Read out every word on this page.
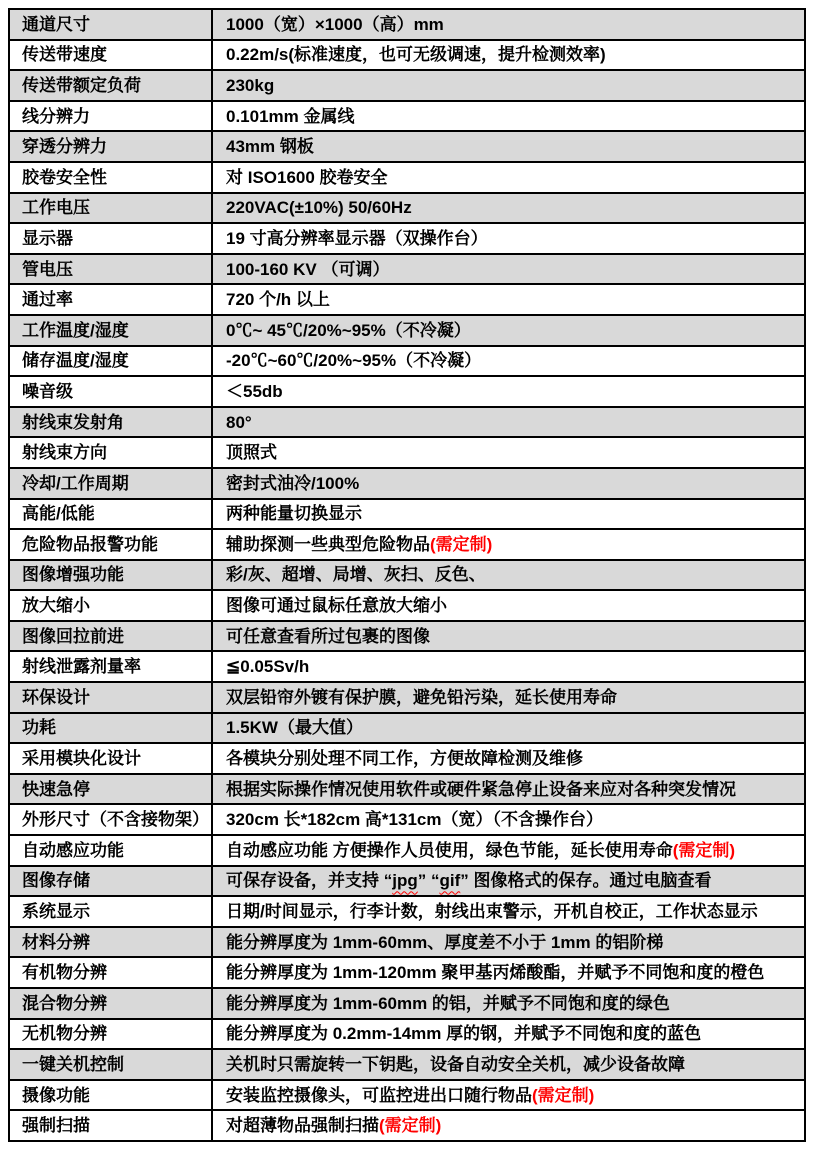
通道尺寸	1000（宽）×1000（高）mm
传送带速度	0.22m/s(标准速度，也可无级调速，提升检测效率)
传送带额定负荷	230kg
线分辨力	0.101mm 金属线
穿透分辨力	43mm 钢板
胶卷安全性	对 ISO1600 胶卷安全
工作电压	220VAC(±10%) 50/60Hz
显示器	19 寸高分辨率显示器（双操作台）
管电压	100-160 KV （可调）
通过率	720 个/h 以上
工作温度/湿度	0℃~ 45℃/20%~95%（不冷凝）
储存温度/湿度	-20℃~60℃/20%~95%（不冷凝）
噪音级	＜55db
射线束发射角	80°
射线束方向	顶照式
冷却/工作周期	密封式油冷/100%
高能/低能	两种能量切换显示
危险物品报警功能	辅助探测一些典型危险物品 (需定制)
图像增强功能	彩/灰、超增、局增、灰扫、反色、
放大缩小	图像可通过鼠标任意放大缩小
图像回拉前进	可任意查看所过包裹的图像
射线泄露剂量率	≦0.05Sv/h
环保设计	双层铅帘外镀有保护膜，避免铅污染，延长使用寿命
功耗	1.5KW（最大值）
采用模块化设计	各模块分别处理不同工作，方便故障检测及维修
快速急停	根据实际操作情况使用软件或硬件紧急停止设备来应对各种突发情况
外形尺寸（不含接物架） 320cm 长*182cm 高*131cm（宽）（不含操作台）
自动感应功能	自动感应功能 方便操作人员使用，绿色节能，延长使用寿命 (需定制)
图像存储	可保存设备，并支持 “ jpg ” “ gif ” 图像格式的保存。通过电脑查看
系统显示	日期/时间显示，行李计数，射线出束警示，开机自校正，工作状态显示
材料分辨	能分辨厚度为 1mm-60mm、厚度差不小于 1mm 的铝阶梯
有机物分辨	能分辨厚度为 1mm-120mm 聚甲基丙烯酸酯，并赋予不同饱和度的橙色
混合物分辨	能分辨厚度为 1mm-60mm 的铝，并赋予不同饱和度的绿色
无机物分辨	能分辨厚度为 0.2mm-14mm 厚的钢，并赋予不同饱和度的蓝色
一键关机控制	关机时只需旋转一下钥匙，设备自动安全关机，减少设备故障
摄像功能	安装监控摄像头，可监控进出口随行物品 (需定制)
强制扫描	对超薄物品强制扫描 (需定制)
